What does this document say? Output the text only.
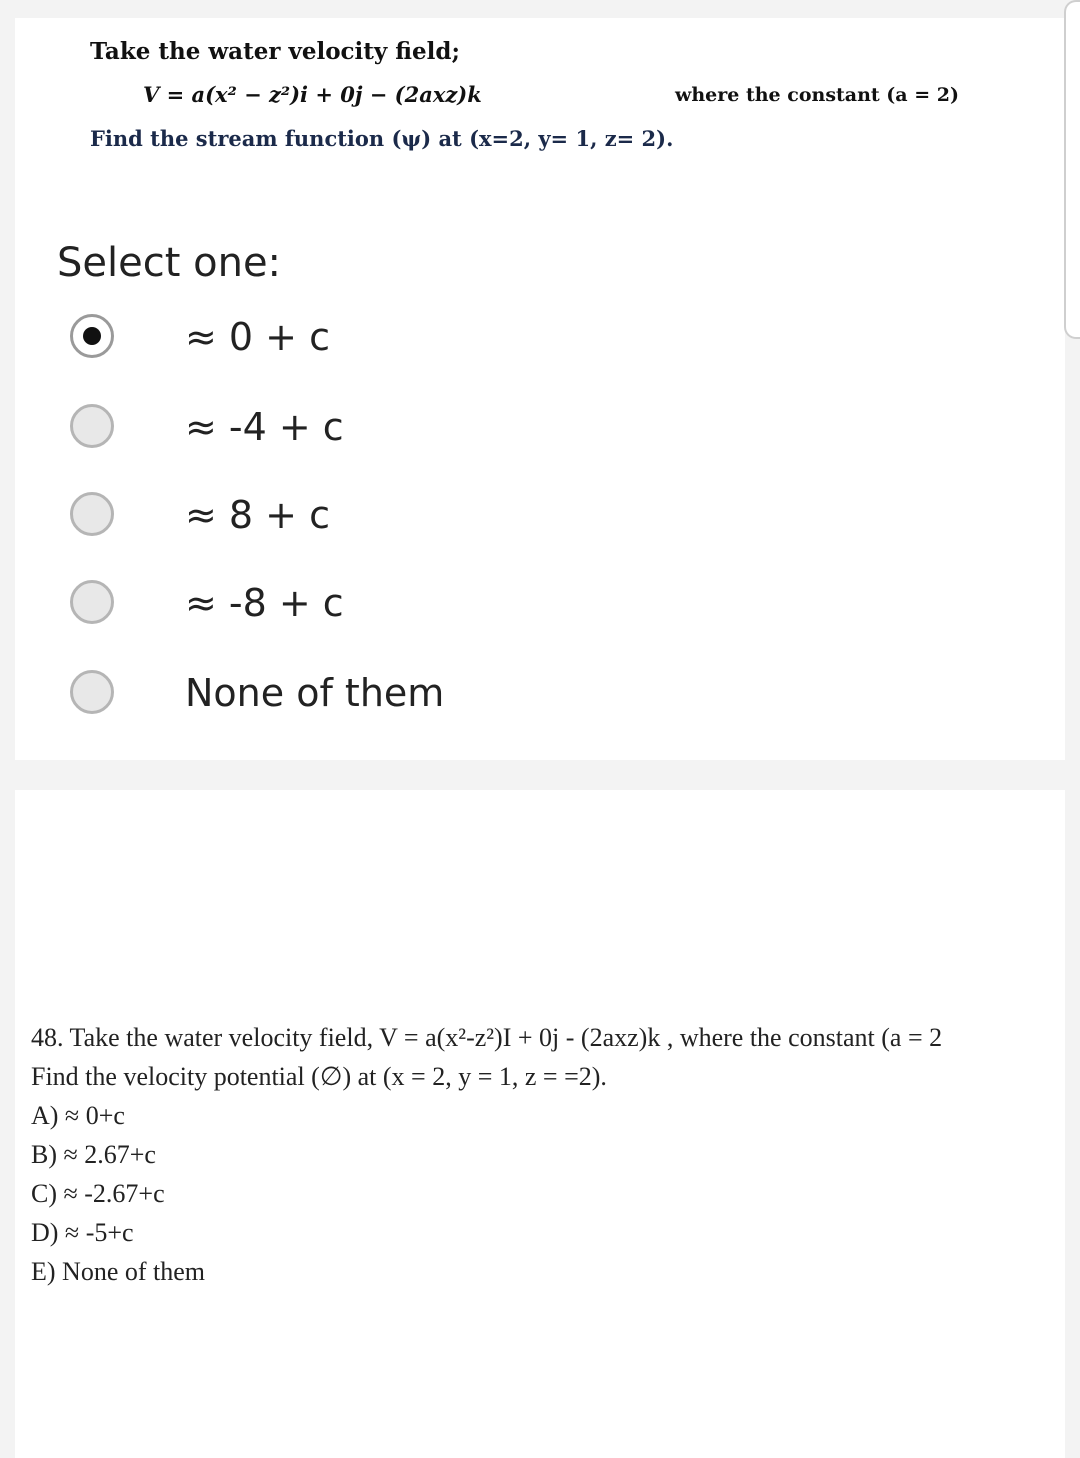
Take the water velocity field;
V = a(x² − z²)i + 0j − (2axz)k	where the constant (a = 2)
Find the stream function (ψ) at (x=2, y= 1, z= 2).
Select one:
≈ 0 + c
≈ -4 + c
≈ 8 + c
≈ -8 + c
None of them
48. Take the water velocity field, V = a(x²-z²)I + 0j - (2axz)k , where the constant (a = 2
Find the velocity potential (∅) at (x = 2, y = 1, z = =2).
A) ≈ 0+c
B) ≈ 2.67+c
C) ≈ -2.67+c
D) ≈ -5+c
E) None of them
